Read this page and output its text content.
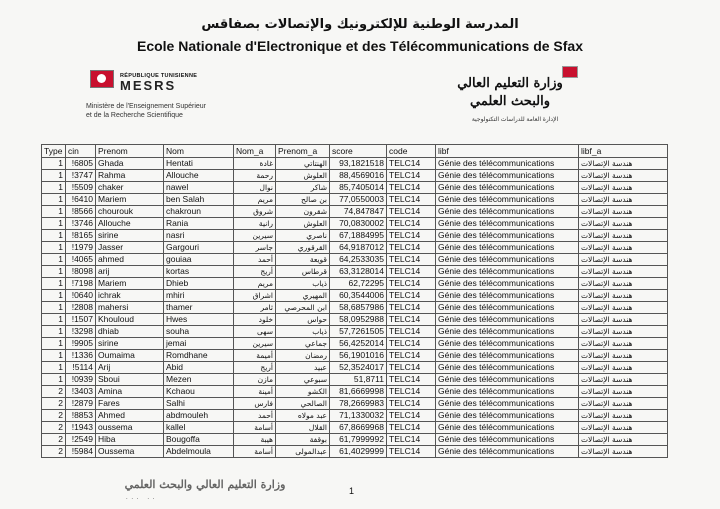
المدرسة الوطنية للإلكترونيك والإتصالات بصفاقس
Ecole Nationale d'Electronique et des Télécommunications de Sfax
RÉPUBLIQUE TUNISIENNE
MESRS
Ministère de l'Enseignement Supérieur
et de la Recherche Scientifique
وزارة التعليم العالي
والبحث العلمي
الإدارة العامة للدراسات التكنولوجية
Type	cin	Prenom	Nom	Nom_a	Prenom_a	score	code	libf	libf_a
1	!6805	Ghada	Hentati	غادة	الهنتاتي	93,1821518	TELC14	Génie des télécommunications	هندسة الإتصالات
1	!3747	Rahma	Allouche	رحمة	العلوش	88,4569016	TELC14	Génie des télécommunications	هندسة الإتصالات
1	!5509	chaker	nawel	نوال	شاكر	85,7405014	TELC14	Génie des télécommunications	هندسة الإتصالات
1	!6410	Mariem	ben Salah	مريم	بن صالح	77,0550003	TELC14	Génie des télécommunications	هندسة الإتصالات
1	!8566	chourouk	chakroun	شروق	شقرون	74,847847	TELC14	Génie des télécommunications	هندسة الإتصالات
1	!3746	Allouche	Rania	رانية	العلوش	70,0830002	TELC14	Génie des télécommunications	هندسة الإتصالات
1	!8165	sirine	nasri	سيرين	ناصري	67,1884995	TELC14	Génie des télécommunications	هندسة الإتصالات
1	!1979	Jasser	Gargouri	جاسر	القرقوري	64,9187012	TELC14	Génie des télécommunications	هندسة الإتصالات
1	!4065	ahmed	gouiaa	أحمد	قويعة	64,2533035	TELC14	Génie des télécommunications	هندسة الإتصالات
1	!8098	arij	kortas	أريج	قرطاس	63,3128014	TELC14	Génie des télécommunications	هندسة الإتصالات
1	!7198	Mariem	Dhieb	مريم	ذياب	62,72295	TELC14	Génie des télécommunications	هندسة الإتصالات
1	!0640	ichrak	mhiri	اشراق	المهيري	60,3544006	TELC14	Génie des télécommunications	هندسة الإتصالات
1	!2808	mahersi	thamer	ثامر	ابن المحرصي	58,6857986	TELC14	Génie des télécommunications	هندسة الإتصالات
1	!1507	Khouloud	Hwes	خلود	حواس	58,0952988	TELC14	Génie des télécommunications	هندسة الإتصالات
1	!3298	dhiab	souha	سهى	ذياب	57,7261505	TELC14	Génie des télécommunications	هندسة الإتصالات
1	!9905	sirine	jemai	سيرين	جماعي	56,4252014	TELC14	Génie des télécommunications	هندسة الإتصالات
1	!1336	Oumaima	Romdhane	أميمة	رمضان	56,1901016	TELC14	Génie des télécommunications	هندسة الإتصالات
1	!5114	Arij	Abid	أريج	عبيد	52,3524017	TELC14	Génie des télécommunications	هندسة الإتصالات
1	!0939	Sboui	Mezen	مازن	سبوعي	51,8711	TELC14	Génie des télécommunications	هندسة الإتصالات
2	!3403	Amina	Kchaou	أمينة	الكشو	81,6669998	TELC14	Génie des télécommunications	هندسة الإتصالات
2	!2879	Fares	Salhi	فارس	الصالحي	78,2669983	TELC14	Génie des télécommunications	هندسة الإتصالات
2	!8853	Ahmed	abdmouleh	أحمد	عبد مولاه	71,1330032	TELC14	Génie des télécommunications	هندسة الإتصالات
2	!1943	oussema	kallel	أسامة	القلال	67,8669968	TELC14	Génie des télécommunications	هندسة الإتصالات
2	!2549	Hiba	Bougoffa	هيبة	بوقفة	61,7999992	TELC14	Génie des télécommunications	هندسة الإتصالات
2	!5984	Oussema	Abdelmoula	أسامة	عبدالمولى	61,4029999	TELC14	Génie des télécommunications	هندسة الإتصالات
وزارة التعليم العالي والبحث العلمي
. . .   . .
1
